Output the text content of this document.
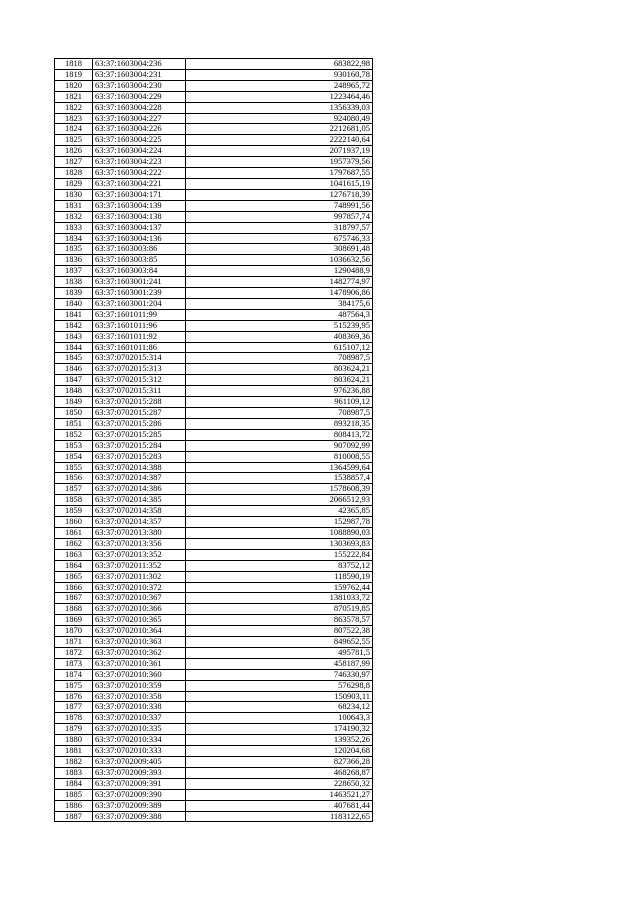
1818	63:37:1603004:236	683822,98
1819	63:37:1603004:231	930160,78
1820	63:37:1603004:230	248965,72
1821	63:37:1603004:229	1223464,46
1822	63:37:1603004:228	1356339,03
1823	63:37:1603004:227	924080,49
1824	63:37:1603004:226	2212681,05
1825	63:37:1603004:225	2222140,64
1826	63:37:1603004:224	2071937,19
1827	63:37:1603004:223	1957379,56
1828	63:37:1603004:222	1797687,55
1829	63:37:1603004:221	1041615,19
1830	63:37:1603004:171	1276718,39
1831	63:37:1603004:139	748991,56
1832	63:37:1603004:138	997857,74
1833	63:37:1603004:137	318797,57
1834	63:37:1603004:136	675746,33
1835	63:37:1603003:86	308691,48
1836	63:37:1603003:85	1036632,56
1837	63:37:1603003:84	1290488,9
1838	63:37:1603001:241	1482774,97
1839	63:37:1603001:239	1478906,86
1840	63:37:1603001:204	384175,6
1841	63:37:1601011:99	487564,3
1842	63:37:1601011:96	515239,95
1843	63:37:1601011:92	408369,36
1844	63:37:1601011:86	615107,12
1845	63:37:0702015:314	708987,5
1846	63:37:0702015:313	803624,21
1847	63:37:0702015:312	803624,21
1848	63:37:0702015:311	976236,88
1849	63:37:0702015:288	961109,12
1850	63:37:0702015:287	708987,5
1851	63:37:0702015:286	893218,35
1852	63:37:0702015:285	808413,72
1853	63:37:0702015:284	907092,99
1854	63:37:0702015:283	810008,55
1855	63:37:0702014:388	1364599,64
1856	63:37:0702014:387	1538857,4
1857	63:37:0702014:386	1578608,39
1858	63:37:0702014:385	2066512,93
1859	63:37:0702014:358	42365,85
1860	63:37:0702014:357	152987,78
1861	63:37:0702013:380	1088890,03
1862	63:37:0702013:356	1303693,83
1863	63:37:0702013:352	155222,84
1864	63:37:0702011:352	83752,12
1865	63:37:0702011:302	118590,19
1866	63:37:0702010:372	159762,44
1867	63:37:0702010:367	1381033,72
1868	63:37:0702010:366	870519,85
1869	63:37:0702010:365	863578,57
1870	63:37:0702010:364	807522,38
1871	63:37:0702010:363	849652,55
1872	63:37:0702010:362	495781,5
1873	63:37:0702010:361	458187,99
1874	63:37:0702010:360	746330,97
1875	63:37:0702010:359	576298,8
1876	63:37:0702010:358	150903,11
1877	63:37:0702010:338	68234,12
1878	63:37:0702010:337	100643,3
1879	63:37:0702010:335	174190,32
1880	63:37:0702010:334	139352,26
1881	63:37:0702010:333	120204,68
1882	63:37:0702009:405	827366,28
1883	63:37:0702009:393	468268,87
1884	63:37:0702009:391	228650,32
1885	63:37:0702009:390	1463521,27
1886	63:37:0702009:389	407681,44
1887	63:37:0702009:388	1183122,65
